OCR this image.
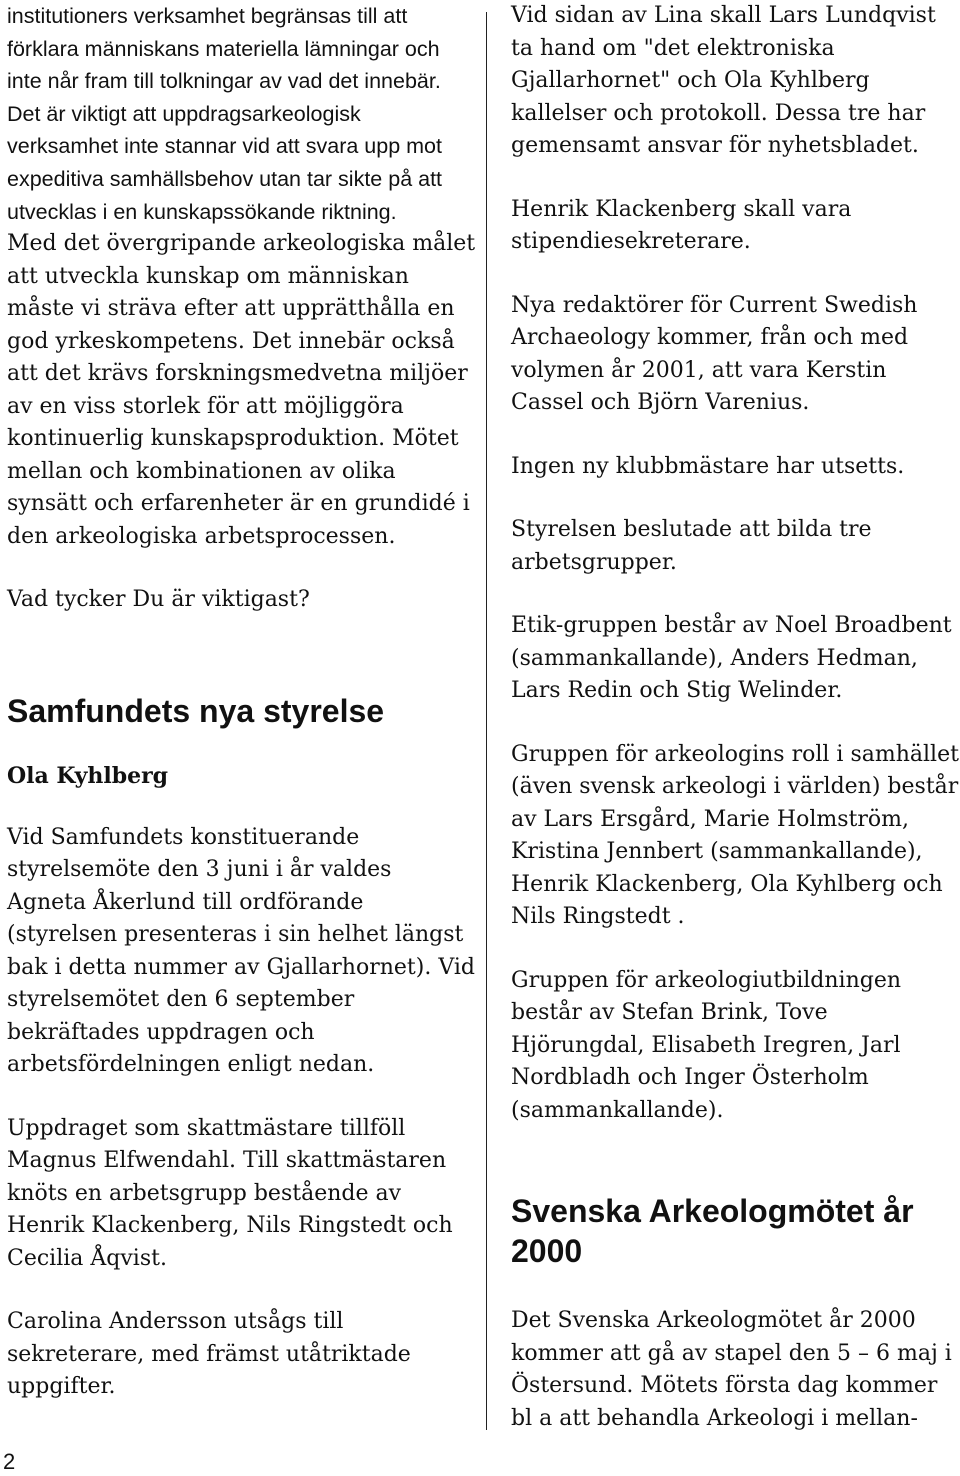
institutioners verksamhet begränsas till att förklara människans materiella lämningar och inte når fram till tolkningar av vad det innebär. Det är viktigt att uppdragsarkeologisk verksamhet inte stannar vid att svara upp mot expeditiva samhällsbehov utan tar sikte på att utvecklas i en kunskapssökande riktning.

Med det övergripande arkeologiska målet att utveckla kunskap om människan måste vi sträva efter att upprätthålla en god yrkeskompetens. Det innebär också att det krävs forskningsmedvetna miljöer av en viss storlek för att möjliggöra kontinuerlig kunskapsproduktion. Mötet mellan och kombinationen av olika synsätt och erfarenheter är en grundidé i den arkeologiska arbetsprocessen.

Vad tycker Du är viktigast?

Samfundets nya styrelse
Ola Kyhlberg

Vid Samfundets konstituerande styrelsemöte den 3 juni i år valdes Agneta Åkerlund till ordförande (styrelsen presenteras i sin helhet längst bak i detta nummer av Gjallarhornet). Vid styrelsemötet den 6 september bekräftades uppdragen och arbetsfördelningen enligt nedan.

Uppdraget som skattmästare tillföll Magnus Elfwendahl. Till skattmästaren knöts en arbetsgrupp bestående av Henrik Klackenberg, Nils Ringstedt och Cecilia Åqvist.

Carolina Andersson utsågs till sekreterare, med främst utåtriktade uppgifter.

Vid sidan av Lina skall Lars Lundqvist ta hand om "det elektroniska Gjallarhornet" och Ola Kyhlberg kallelser och protokoll. Dessa tre har gemensamt ansvar för nyhetsbladet.

Henrik Klackenberg skall vara stipendiesekreterare.

Nya redaktörer för Current Swedish Archaeology kommer, från och med volymen år 2001, att vara Kerstin Cassel och Björn Varenius.

Ingen ny klubbmästare har utsetts.

Styrelsen beslutade att bilda tre arbetsgrupper.

Etik-gruppen består av Noel Broadbent (sammankallande), Anders Hedman, Lars Redin och Stig Welinder.

Gruppen för arkeologins roll i samhället (även svensk arkeologi i världen) består av Lars Ersgård, Marie Holmström, Kristina Jennbert (sammankallande), Henrik Klackenberg, Ola Kyhlberg och Nils Ringstedt .

Gruppen för arkeologiutbildningen består av Stefan Brink, Tove Hjörungdal, Elisabeth Iregren, Jarl Nordbladh och Inger Österholm (sammankallande).

Svenska Arkeologmötet år 2000

Det Svenska Arkeologmötet år 2000 kommer att gå av stapel den 5 – 6 maj i Östersund. Mötets första dag kommer bl a att behandla Arkeologi i mellan-

2
